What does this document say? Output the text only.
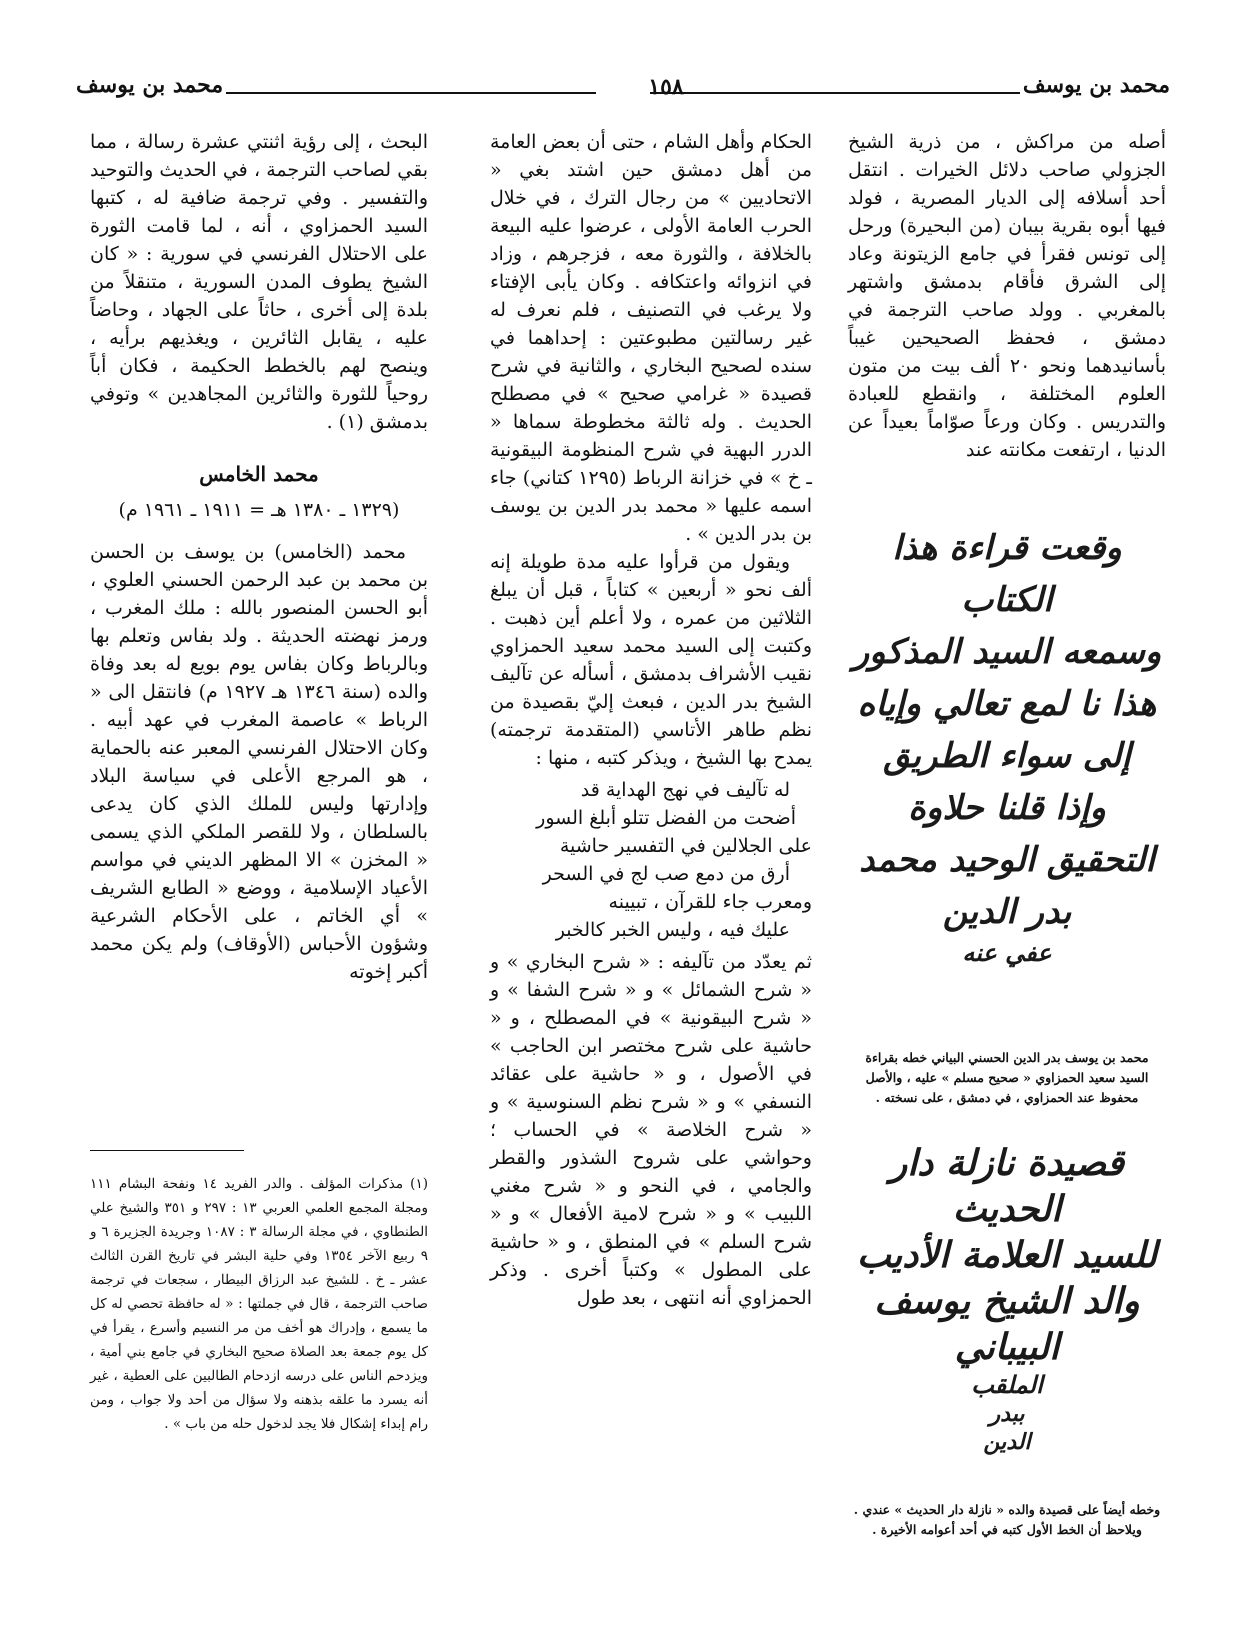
محمد بن يوسف
١٥٨
محمد بن يوسف

أصله من مراكش ، من ذرية الشيخ الجزولي صاحب دلائل الخيرات . انتقل أحد أسلافه إلى الديار المصرية ، فولد فيها أبوه بقرية بيبان (من البحيرة) ورحل إلى تونس فقرأ في جامع الزيتونة وعاد إلى الشرق فأقام بدمشق واشتهر بالمغربي . وولد صاحب الترجمة في دمشق ، فحفظ الصحيحين غيباً بأسانيدهما ونحو ٢٠ ألف بيت من متون العلوم المختلفة ، وانقطع للعبادة والتدريس . وكان ورعاً صوّاماً بعيداً عن الدنيا ، ارتفعت مكانته عند

وقعت قراءة هذا الكتاب
وسمعه السيد المذكور
هذا نا لمع تعالي وإياه
إلى سواء الطريق
وإذا قلنا حلاوة
التحقيق الوحيد محمد
بدر الدين
عفي عنه
محمد بن يوسف بدر الدين الحسني البياني خطه بقراءة السيد سعيد الحمزاوي « صحيح مسلم » عليه ، والأصل محفوظ عند الحمزاوي ، في دمشق ، على نسخته .
قصيدة نازلة دار الحديث
للسيد العلامة الأديب
والد الشيخ يوسف
البيباني
الملقب
ببدر
الدين
وخطه أيضاً على قصيدة والده « نازلة دار الحديث » عندي . ويلاحظ أن الخط الأول كتبه في أحد أعوامه الأخيرة .

الحكام وأهل الشام ، حتى أن بعض العامة من أهل دمشق حين اشتد بغي « الاتحاديين » من رجال الترك ، في خلال الحرب العامة الأولى ، عرضوا عليه البيعة بالخلافة ، والثورة معه ، فزجرهم ، وزاد في انزوائه واعتكافه . وكان يأبى الإفتاء ولا يرغب في التصنيف ، فلم نعرف له غير رسالتين مطبوعتين : إحداهما في سنده لصحيح البخاري ، والثانية في شرح قصيدة « غرامي صحيح » في مصطلح الحديث . وله ثالثة مخطوطة سماها « الدرر البهية في شرح المنظومة البيقونية ـ خ » في خزانة الرباط (١٢٩٥ كتاني) جاء اسمه عليها « محمد بدر الدين بن يوسف بن بدر الدين » .

ويقول من قرأوا عليه مدة طويلة إنه ألف نحو « أربعين » كتاباً ، قبل أن يبلغ الثلاثين من عمره ، ولا أعلم أين ذهبت . وكتبت إلى السيد محمد سعيد الحمزاوي نقيب الأشراف بدمشق ، أسأله عن تآليف الشيخ بدر الدين ، فبعث إليّ بقصيدة من نظم طاهر الأتاسي (المتقدمة ترجمته) يمدح بها الشيخ ، ويذكر كتبه ، منها :

له تآليف في نهج الهداية قد
أضحت من الفضل تتلو أبلغ السور
على الجلالين في التفسير حاشية
أرق من دمع صب لج في السحر
ومعرب جاء للقرآن ، تبيينه
عليك فيه ، وليس الخبر كالخبر

ثم يعدّد من تآليفه : « شرح البخاري » و « شرح الشمائل » و « شرح الشفا » و « شرح البيقونية » في المصطلح ، و « حاشية على شرح مختصر ابن الحاجب » في الأصول ، و « حاشية على عقائد النسفي » و « شرح نظم السنوسية » و « شرح الخلاصة » في الحساب ؛ وحواشي على شروح الشذور والقطر والجامي ، في النحو و « شرح مغني اللبيب » و « شرح لامية الأفعال » و « شرح السلم » في المنطق ، و « حاشية على المطول » وكتباً أخرى . وذكر الحمزاوي أنه انتهى ، بعد طول

البحث ، إلى رؤية اثنتي عشرة رسالة ، مما بقي لصاحب الترجمة ، في الحديث والتوحيد والتفسير . وفي ترجمة ضافية له ، كتبها السيد الحمزاوي ، أنه ، لما قامت الثورة على الاحتلال الفرنسي في سورية : « كان الشيخ يطوف المدن السورية ، متنقلاً من بلدة إلى أخرى ، حاثاً على الجهاد ، وحاضاً عليه ، يقابل الثائرين ، ويغذيهم برأيه ، وينصح لهم بالخطط الحكيمة ، فكان أباً روحياً للثورة والثائرين المجاهدين » وتوفي بدمشق (١) .

محمد الخامس
(١٣٢٩ ـ ١٣٨٠ هـ = ١٩١١ ـ ١٩٦١ م)

محمد (الخامس) بن يوسف بن الحسن بن محمد بن عبد الرحمن الحسني العلوي ، أبو الحسن المنصور بالله : ملك المغرب ، ورمز نهضته الحديثة . ولد بفاس وتعلم بها وبالرباط وكان بفاس يوم بويع له بعد وفاة والده (سنة ١٣٤٦ هـ ١٩٢٧ م) فانتقل الى « الرباط » عاصمة المغرب في عهد أبيه . وكان الاحتلال الفرنسي المعبر عنه بالحماية ، هو المرجع الأعلى في سياسة البلاد وإدارتها وليس للملك الذي كان يدعى بالسلطان ، ولا للقصر الملكي الذي يسمى « المخزن » الا المظهر الديني في مواسم الأعياد الإسلامية ، ووضع « الطابع الشريف » أي الخاتم ، على الأحكام الشرعية وشؤون الأحباس (الأوقاف) ولم يكن محمد أكبر إخوته

(١) مذكرات المؤلف . والدر الفريد ١٤ ونفحة البشام ١١١ ومجلة المجمع العلمي العربي ١٣ : ٢٩٧ و ٣٥١ والشيخ علي الطنطاوي ، في مجلة الرسالة ٣ : ١٠٨٧ وجريدة الجزيرة ٦ و ٩ ربيع الآخر ١٣٥٤ وفي حلية البشر في تاريخ القرن الثالث عشر ـ خ . للشيخ عبد الرزاق البيطار ، سجعات في ترجمة صاحب الترجمة ، قال في جملتها : « له حافظة تحصي له كل ما يسمع ، وإدراك هو أخف من مر النسيم وأسرع ، يقرأ في كل يوم جمعة بعد الصلاة صحيح البخاري في جامع بني أمية ، ويزدحم الناس على درسه ازدحام الطالبين على العطية ، غير أنه يسرد ما علقه بذهنه ولا سؤال من أحد ولا جواب ، ومن رام إبداء إشكال فلا يجد لدخول حله من باب » .
